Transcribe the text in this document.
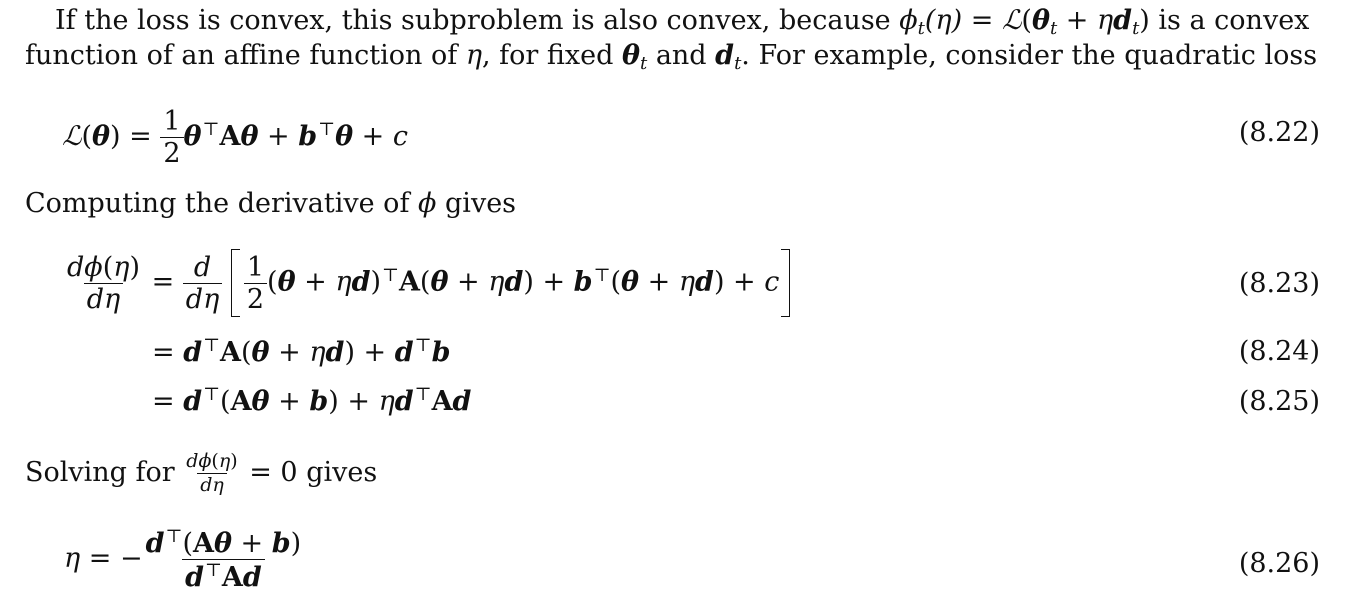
If the loss is convex, this subproblem is also convex, because $\phi_t(\eta)$ = $ℒ(\theta_t + \eta d_t)$ is a convex
function of an affine function of η, for fixed $\theta_t$ and $d_t$. For example, consider the quadratic loss
ℒ(θ) = $\frac{1}{2} \theta^⊤A\theta + b^⊤\theta + c$	(8.22)
Computing the derivative of ϕ gives
$\frac{d\phi(\eta)}{d\eta} = \frac{d}{d\eta}$
$\frac{1}{2} (\theta + \eta d)^⊤A(\theta + \eta d) + b^⊤(\theta + \eta d) + c$	(8.23)
= d⊤A(θ + ηd) + d⊤b	(8.24)
= d⊤(Aθ + b) + ηd⊤Ad	(8.25)
Solving for $\frac{d\phi(\eta)}{d\eta} = 0$ gives
η = − $\frac{d^⊤(A\theta + b)}{d^⊤Ad}$	(8.26)
